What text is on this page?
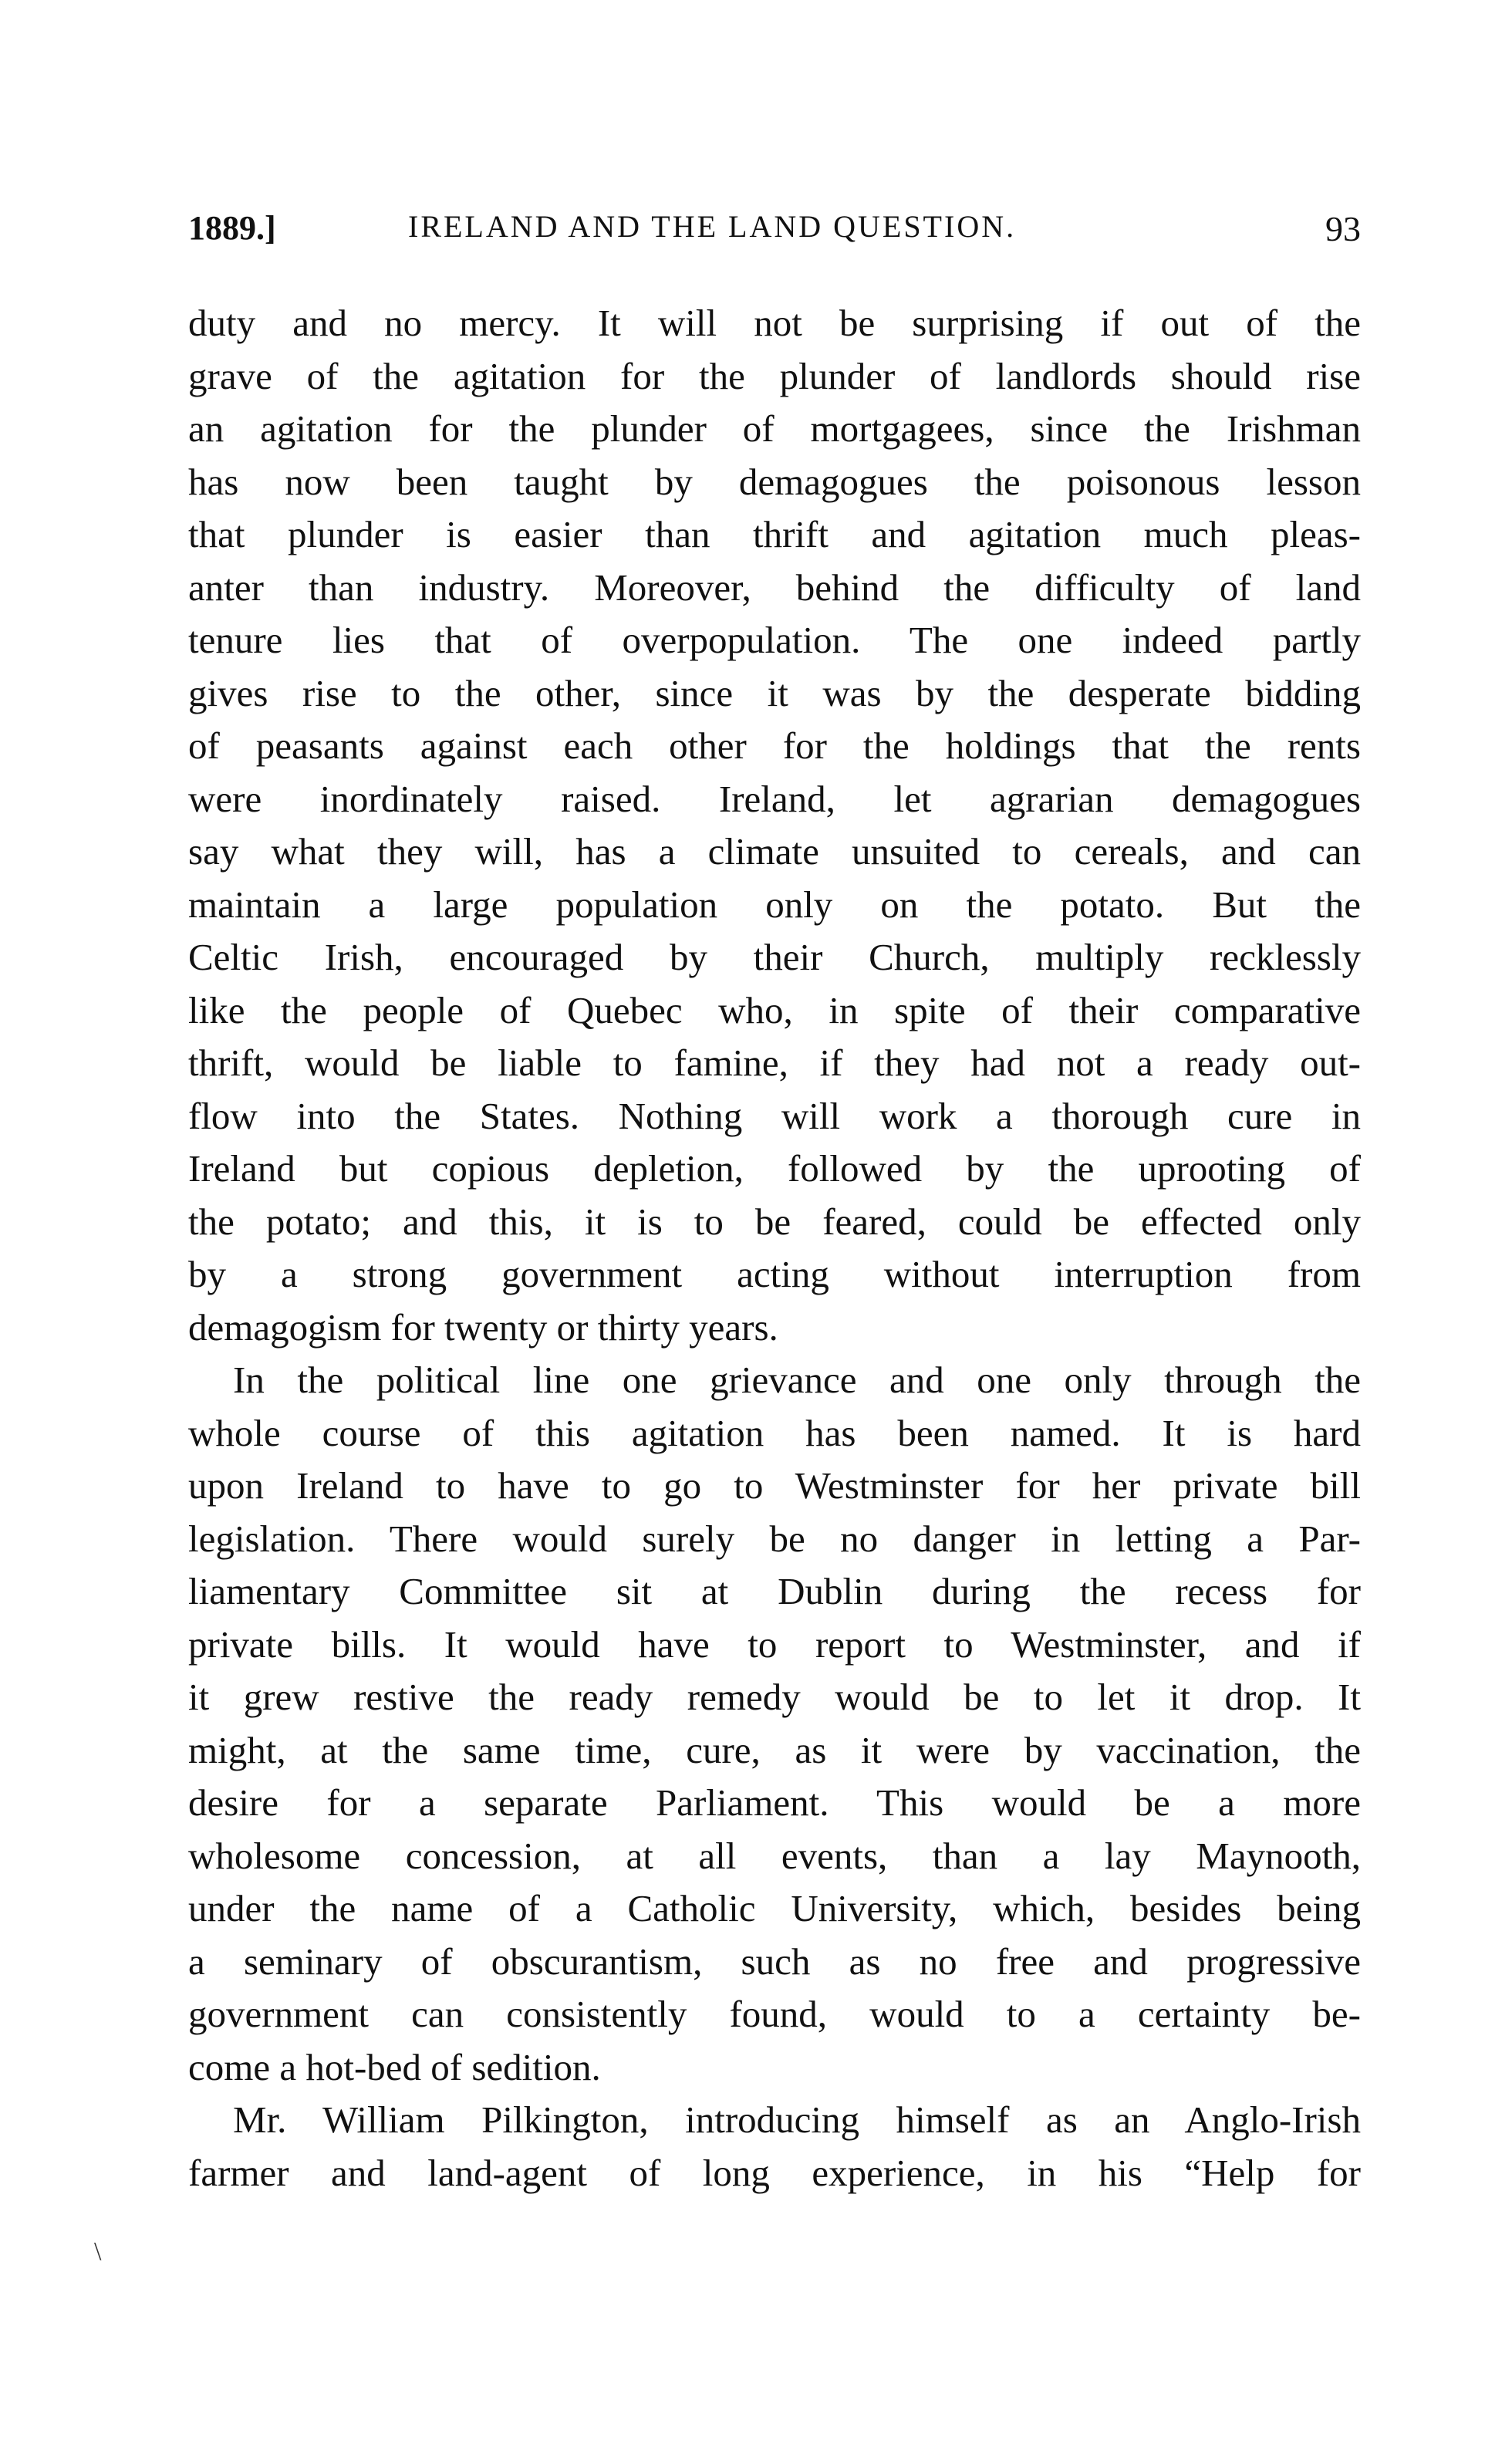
1889.]	IRELAND AND THE LAND QUESTION.	93
duty and no mercy. It will not be surprising if out of the
grave of the agitation for the plunder of landlords should rise
an agitation for the plunder of mortgagees, since the Irishman
has now been taught by demagogues the poisonous lesson
that plunder is easier than thrift and agitation much pleas-
anter than industry. Moreover, behind the difficulty of land
tenure lies that of overpopulation. The one indeed partly
gives rise to the other, since it was by the desperate bidding
of peasants against each other for the holdings that the rents
were inordinately raised. Ireland, let agrarian demagogues
say what they will, has a climate unsuited to cereals, and can
maintain a large population only on the potato. But the
Celtic Irish, encouraged by their Church, multiply recklessly
like the people of Quebec who, in spite of their comparative
thrift, would be liable to famine, if they had not a ready out-
flow into the States. Nothing will work a thorough cure in
Ireland but copious depletion, followed by the uprooting of
the potato; and this, it is to be feared, could be effected only
by a strong government acting without interruption from
demagogism for twenty or thirty years.
In the political line one grievance and one only through the
whole course of this agitation has been named. It is hard
upon Ireland to have to go to Westminster for her private bill
legislation. There would surely be no danger in letting a Par-
liamentary Committee sit at Dublin during the recess for
private bills. It would have to report to Westminster, and if
it grew restive the ready remedy would be to let it drop. It
might, at the same time, cure, as it were by vaccination, the
desire for a separate Parliament. This would be a more
wholesome concession, at all events, than a lay Maynooth,
under the name of a Catholic University, which, besides being
a seminary of obscurantism, such as no free and progressive
government can consistently found, would to a certainty be-
come a hot-bed of sedition.
Mr. William Pilkington, introducing himself as an Anglo-Irish
farmer and land-agent of long experience, in his “Help for
\
